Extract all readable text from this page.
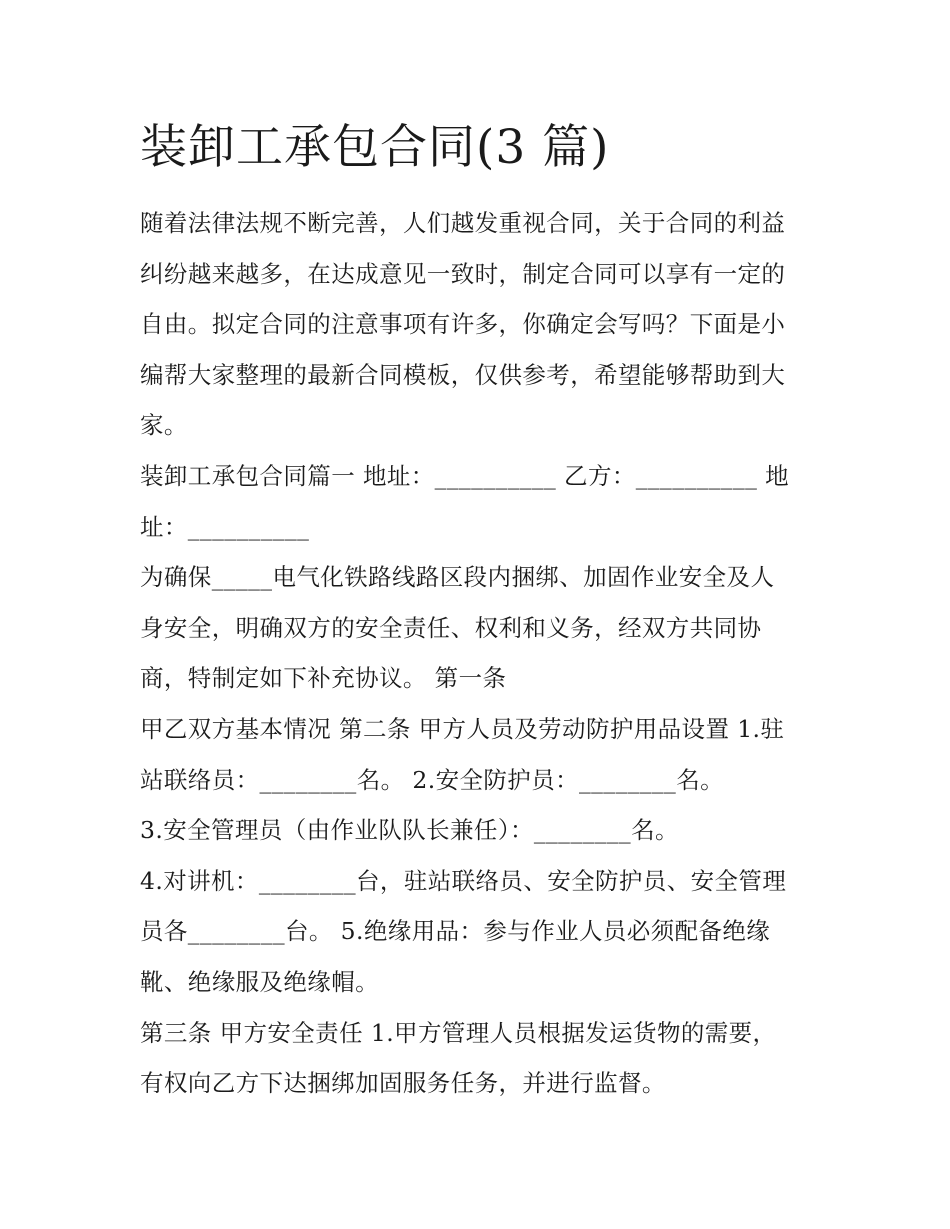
装卸工承包合同(3 篇)
随着法律法规不断完善，人们越发重视合同，关于合同的利益
纠纷越来越多，在达成意见一致时，制定合同可以享有一定的
自由。拟定合同的注意事项有许多，你确定会写吗？下面是小
编帮大家整理的最新合同模板，仅供参考，希望能够帮助到大
家。
装卸工承包合同篇一 地址：__________ 乙方：__________ 地
址：__________
为确保_____电气化铁路线路区段内捆绑、加固作业安全及人
身安全，明确双方的安全责任、权利和义务，经双方共同协
商，特制定如下补充协议。 第一条
甲乙双方基本情况 第二条 甲方人员及劳动防护用品设置 1.驻
站联络员：________名。 2.安全防护员：________名。
3.安全管理员（由作业队队长兼任）：________名。
4.对讲机：________台，驻站联络员、安全防护员、安全管理
员各________台。 5.绝缘用品：参与作业人员必须配备绝缘
靴、绝缘服及绝缘帽。
第三条 甲方安全责任 1.甲方管理人员根据发运货物的需要，
有权向乙方下达捆绑加固服务任务，并进行监督。
